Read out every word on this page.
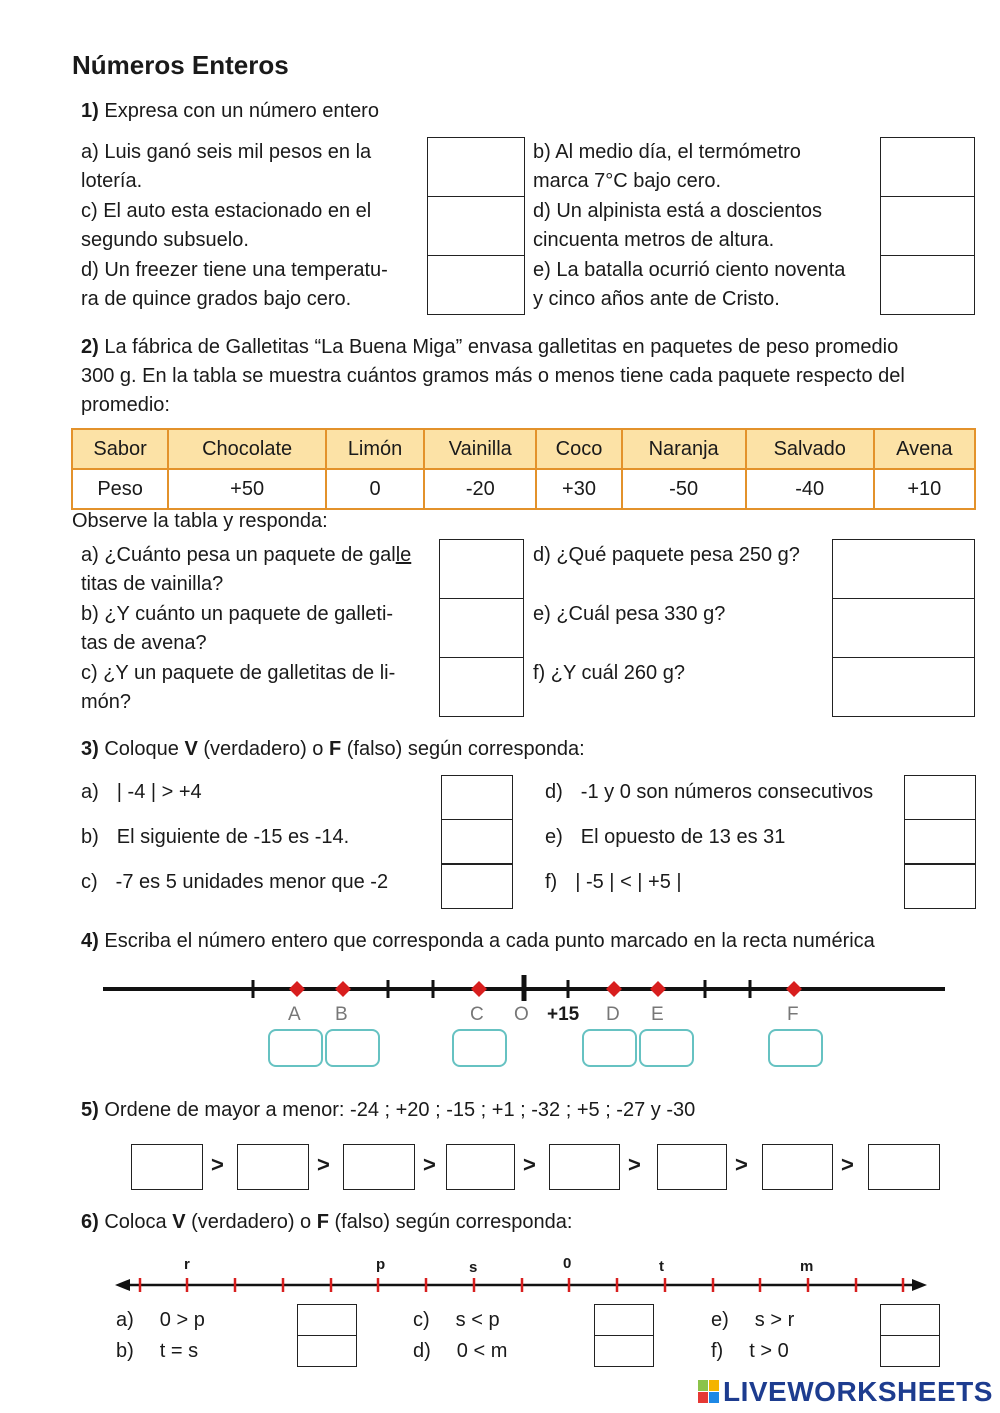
Números Enteros
1) Expresa con un número entero
a) Luis ganó seis mil pesos en la
lotería.
b) Al medio día, el termómetro
marca 7°C bajo cero.
c) El auto esta estacionado en el
segundo subsuelo.
d) Un alpinista está a doscientos
cincuenta metros de altura.
d) Un freezer tiene una temperatu-
ra de quince grados bajo cero.
e) La batalla ocurrió ciento noventa
y cinco años ante de Cristo.
2) La fábrica de Galletitas “La Buena Miga” envasa galletitas en paquetes de peso promedio
300 g. En la tabla se muestra cuántos gramos más o menos tiene cada paquete respecto del
promedio:
Sabor	Chocolate	Limón	Vainilla	Coco	Naranja	Salvado	Avena
Peso	+50	0	-20	+30	-50	-40	+10
Observe la tabla y responda:
a) ¿Cuánto pesa un paquete de galle
titas de vainilla?
b) ¿Y cuánto un paquete de galleti-
tas de avena?
c) ¿Y un paquete de galletitas de li-
món?
d) ¿Qué paquete pesa 250 g?
e) ¿Cuál pesa 330 g?
f) ¿Y cuál 260 g?
3) Coloque V (verdadero) o F (falso) según corresponda:
a) | -4 | > +4
b) El siguiente de -15 es -14.
c) -7 es 5 unidades menor que -2
d) -1 y 0 son números consecutivos
e) El opuesto de 13 es 31
f) | -5 | < | +5 |
4) Escriba el número entero que corresponda a cada punto marcado en la recta numérica
A B	C O +15 D E	F
5) Ordene de mayor a menor: -24 ; +20 ; -15 ; +1 ; -32 ; +5 ; -27 y -30
>	>	>	>	>	>	>
6) Coloca V (verdadero) o F (falso) según corresponda:
r	p	s	0	t	m
a) 0 > p
b) t = s
c) s < p
d) 0 < m
e) s > r
f) t > 0
LIVEWORKSHEETS
